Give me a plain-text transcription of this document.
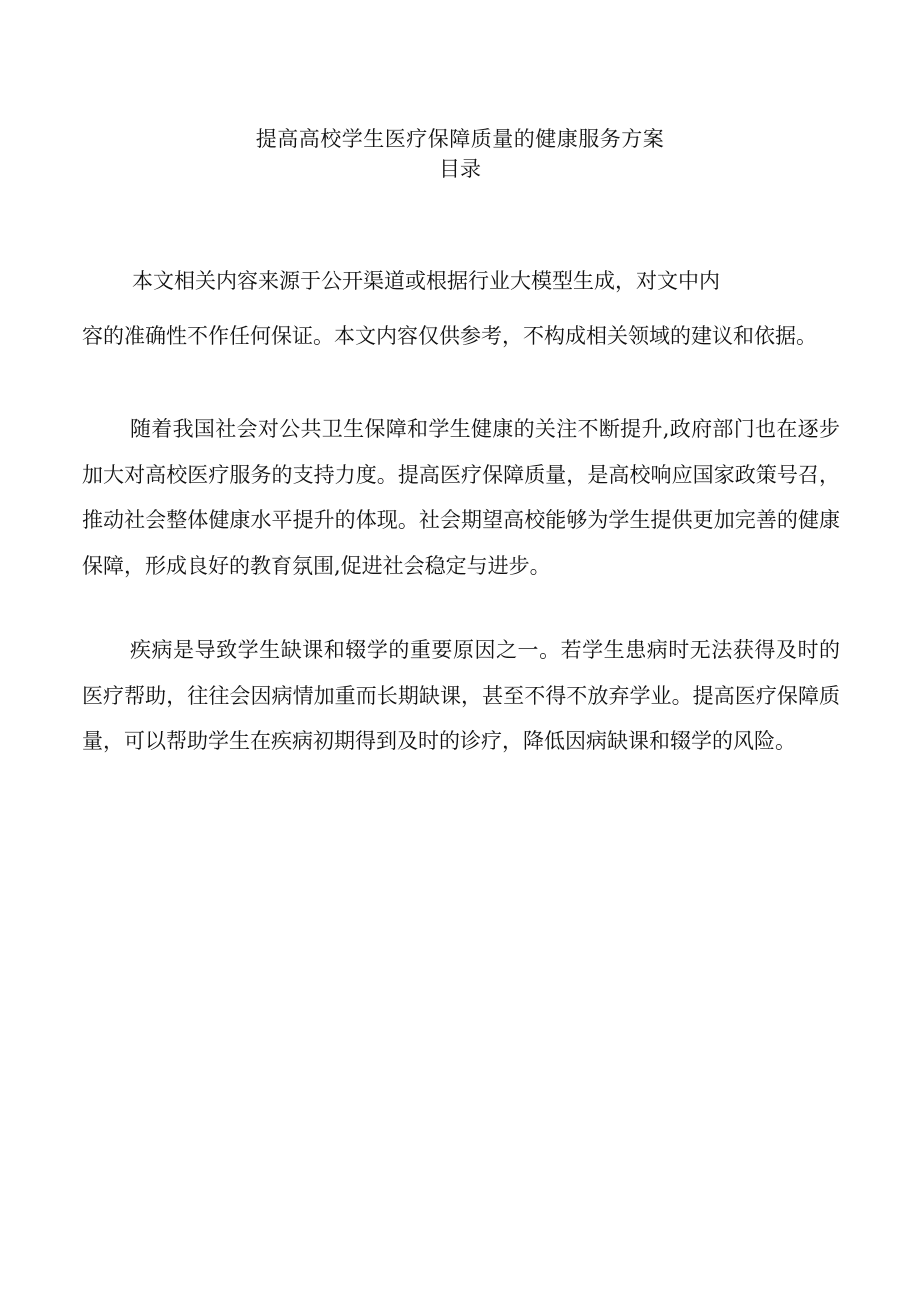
提高高校学生医疗保障质量的健康服务方案
目录
本文相关内容来源于公开渠道或根据行业大模型生成，对文中内

容的准确性不作任何保证。本文内容仅供参考，不构成相关领域的建议和依据。

随着我国社会对公共卫生保障和学生健康的关注不断提升,政府部门也在逐步加大对高校医疗服务的支持力度。提高医疗保障质量，是高校响应国家政策号召，推动社会整体健康水平提升的体现。社会期望高校能够为学生提供更加完善的健康保障，形成良好的教育氛围,促进社会稳定与进步。

疾病是导致学生缺课和辍学的重要原因之一。若学生患病时无法获得及时的医疗帮助，往往会因病情加重而长期缺课，甚至不得不放弃学业。提高医疗保障质量，可以帮助学生在疾病初期得到及时的诊疗，降低因病缺课和辍学的风险。
